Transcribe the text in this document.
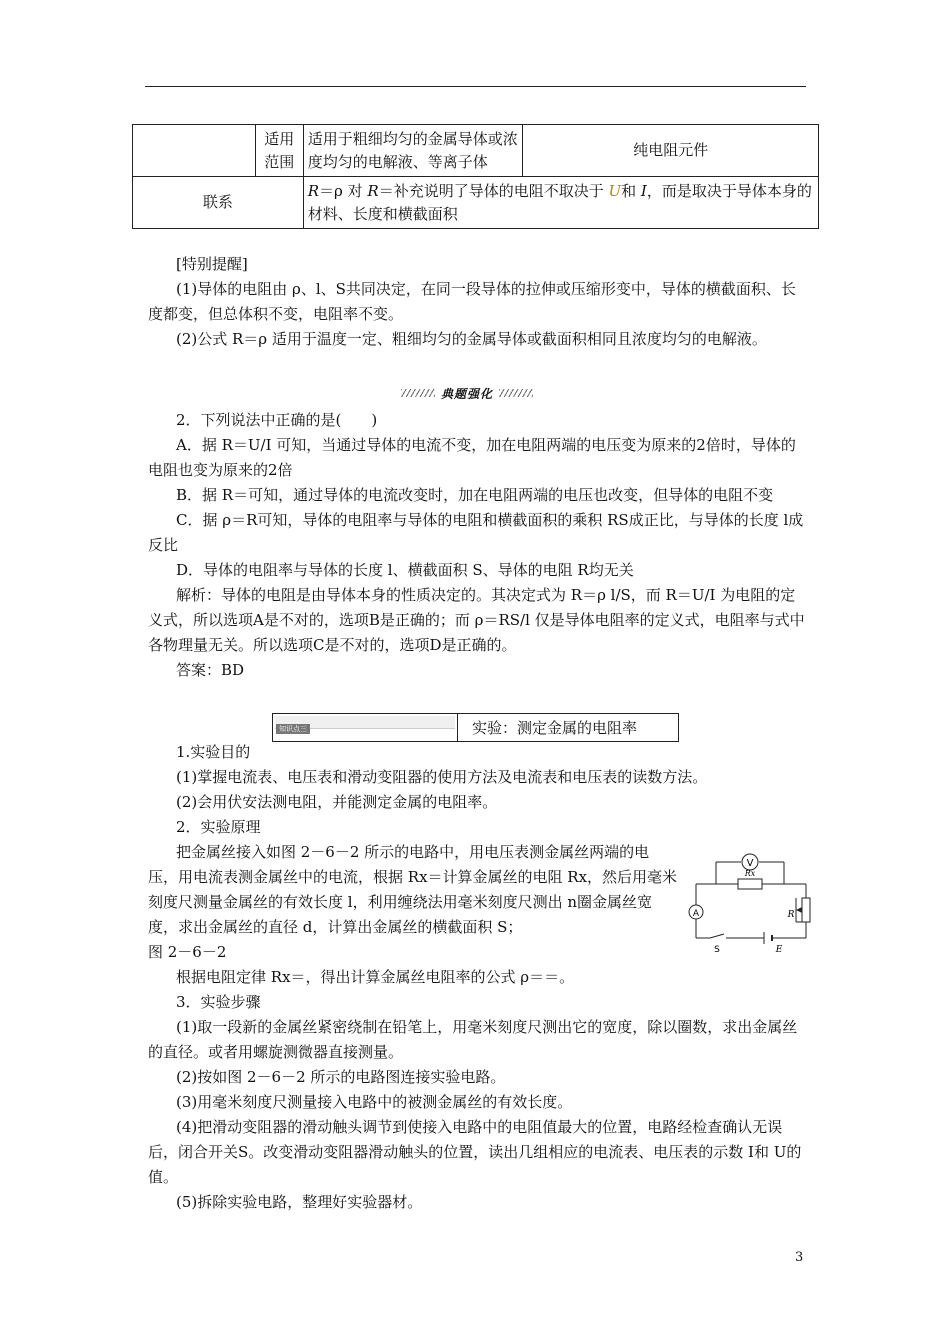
	适用范围	适用于粗细均匀的金属导体或浓度均匀的电解液、等离子体	纯电阻元件
联系		R＝ρ 对 R＝补充说明了导体的电阻不取决于 U和 I，而是取决于导体本身的材料、长度和横截面积	

[特别提醒]

(1)导体的电阻由 ρ、l、S共同决定，在同一段导体的拉伸或压缩形变中，导体的横截面积、长度都变，但总体积不变，电阻率不变。

(2)公式 R＝ρ 适用于温度一定、粗细均匀的金属导体或截面积相同且浓度均匀的电解液。

典题强化

2．下列说法中正确的是(　　)

A．据 R＝U/I 可知，当通过导体的电流不变，加在电阻两端的电压变为原来的2倍时，导体的电阻也变为原来的2倍

B．据 R＝可知，通过导体的电流改变时，加在电阻两端的电压也改变，但导体的电阻不变

C．据 ρ＝R可知，导体的电阻率与导体的电阻和横截面积的乘积 RS成正比，与导体的长度 l成反比

D．导体的电阻率与导体的长度 l、横截面积 S、导体的电阻 R均无关

解析：导体的电阻是由导体本身的性质决定的。其决定式为 R＝ρ l/S，而 R＝U/I 为电阻的定义式，所以选项A是不对的，选项B是正确的；而 ρ＝RS/l 仅是导体电阻率的定义式，电阻率与式中各物理量无关。所以选项C是不对的，选项D是正确的。

答案：BD

知识点三	实验：测定金属的电阻率

1.实验目的

(1)掌握电流表、电压表和滑动变阻器的使用方法及电流表和电压表的读数方法。

(2)会用伏安法测电阻，并能测定金属的电阻率。

2．实验原理

把金属丝接入如图 2－6－2 所示的电路中，用电压表测金属丝两端的电压，用电流表测金属丝中的电流，根据 Rx＝计算金属丝的电阻 Rx，然后用毫米刻度尺测量金属丝的有效长度 l，利用缠绕法用毫米刻度尺测出 n圈金属丝宽度，求出金属丝的直径 d，计算出金属丝的横截面积 S；

图 2－6－2

V
Rx
A	R
S	E

根据电阻定律 Rx＝，得出计算金属丝电阻率的公式 ρ＝＝。

3．实验步骤

(1)取一段新的金属丝紧密绕制在铅笔上，用毫米刻度尺测出它的宽度，除以圈数，求出金属丝的直径。或者用螺旋测微器直接测量。

(2)按如图 2－6－2 所示的电路图连接实验电路。

(3)用毫米刻度尺测量接入电路中的被测金属丝的有效长度。

(4)把滑动变阻器的滑动触头调节到使接入电路中的电阻值最大的位置，电路经检查确认无误后，闭合开关S。改变滑动变阻器滑动触头的位置，读出几组相应的电流表、电压表的示数 I和 U的值。

(5)拆除实验电路，整理好实验器材。

3
